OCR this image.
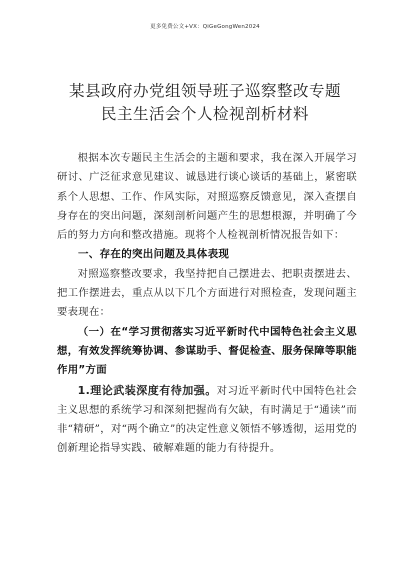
更多免费公文+VX：QiGeGongWen2024
某县政府办党组领导班子巡察整改专题
民主生活会个人检视剖析材料

根据本次专题民主生活会的主题和要求，我在深入开展学习研讨、广泛征求意见建议、诚恳进行谈心谈话的基础上，紧密联系个人思想、工作、作风实际，对照巡察反馈意见，深入查摆自身存在的突出问题，深刻剖析问题产生的思想根源，并明确了今后的努力方向和整改措施。现将个人检视剖析情况报告如下：

一、存在的突出问题及具体表现

对照巡察整改要求，我坚持把自己摆进去、把职责摆进去、把工作摆进去，重点从以下几个方面进行对照检查，发现问题主要表现在：

（一）在“学习贯彻落实习近平新时代中国特色社会主义思想，有效发挥统筹协调、参谋助手、督促检查、服务保障等职能作用”方面

1.理论武装深度有待加强。对习近平新时代中国特色社会主义思想的系统学习和深刻把握尚有欠缺，有时满足于“通读”而非“精研”，对“两个确立”的决定性意义领悟不够透彻，运用党的创新理论指导实践、破解难题的能力有待提升。
